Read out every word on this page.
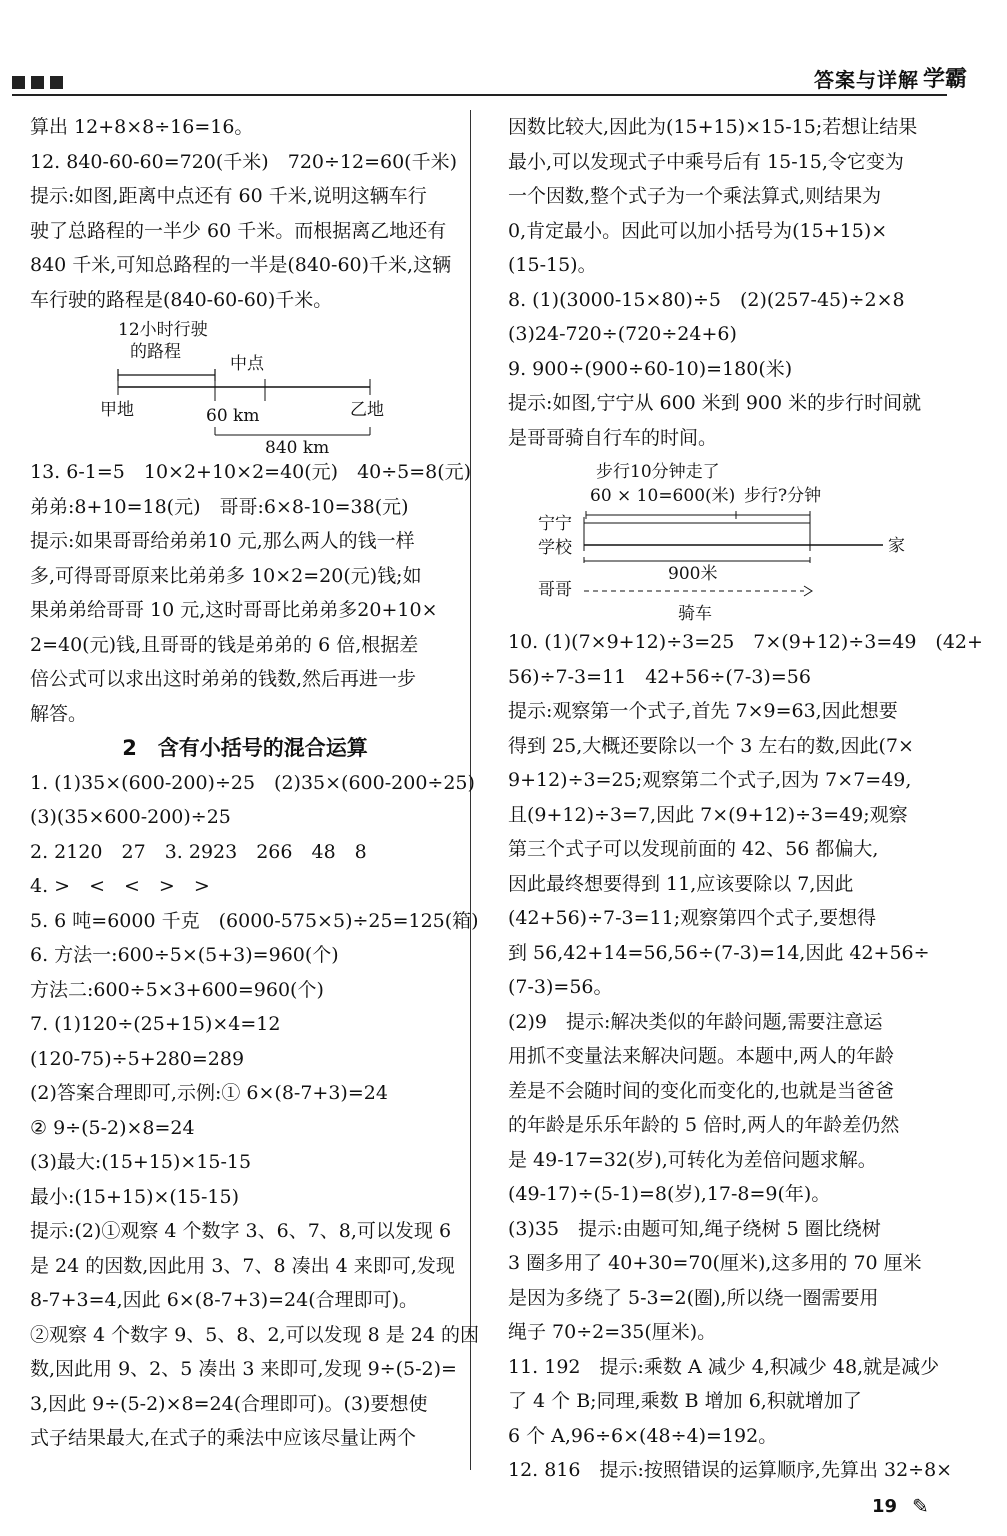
答案与详解 学霸
算出 12+8×8÷16=16。
12. 840-60-60=720(千米)　720÷12=60(千米)
提示:如图,距离中点还有 60 千米,说明这辆车行
驶了总路程的一半少 60 千米。而根据离乙地还有
840 千米,可知总路程的一半是(840-60)千米,这辆
车行驶的路程是(840-60-60)千米。
12小时行驶
的路程
中点
甲地	乙地
60 km
840 km
13. 6-1=5　10×2+10×2=40(元)　40÷5=8(元)
弟弟:8+10=18(元)　哥哥:6×8-10=38(元)
提示:如果哥哥给弟弟10 元,那么两人的钱一样
多,可得哥哥原来比弟弟多 10×2=20(元)钱;如
果弟弟给哥哥 10 元,这时哥哥比弟弟多20+10×
2=40(元)钱,且哥哥的钱是弟弟的 6 倍,根据差
倍公式可以求出这时弟弟的钱数,然后再进一步
解答。
2　含有小括号的混合运算
1. (1)35×(600-200)÷25　(2)35×(600-200÷25)
(3)(35×600-200)÷25
2. 2120　27　3. 2923　266　48　8
4. >　<　<　>　>
5. 6 吨=6000 千克　(6000-575×5)÷25=125(箱)
6. 方法一:600÷5×(5+3)=960(个)
方法二:600÷5×3+600=960(个)
7. (1)120÷(25+15)×4=12
(120-75)÷5+280=289
(2)答案合理即可,示例:① 6×(8-7+3)=24
② 9÷(5-2)×8=24
(3)最大:(15+15)×15-15
最小:(15+15)×(15-15)
提示:(2)①观察 4 个数字 3、6、7、8,可以发现 6
是 24 的因数,因此用 3、7、8 凑出 4 来即可,发现
8-7+3=4,因此 6×(8-7+3)=24(合理即可)。
②观察 4 个数字 9、5、8、2,可以发现 8 是 24 的因
数,因此用 9、2、5 凑出 3 来即可,发现 9÷(5-2)=
3,因此 9÷(5-2)×8=24(合理即可)。(3)要想使
式子结果最大,在式子的乘法中应该尽量让两个
因数比较大,因此为(15+15)×15-15;若想让结果
最小,可以发现式子中乘号后有 15-15,令它变为
一个因数,整个式子为一个乘法算式,则结果为
0,肯定最小。因此可以加小括号为(15+15)×
(15-15)。
8. (1)(3000-15×80)÷5　(2)(257-45)÷2×8
(3)24-720÷(720÷24+6)
9. 900÷(900÷60-10)=180(米)
提示:如图,宁宁从 600 米到 900 米的步行时间就
是哥哥骑自行车的时间。
步行10分钟走了
60 × 10=600(米) 步行?分钟
宁宁
学校	家
900米
哥哥
骑车
10. (1)(7×9+12)÷3=25　7×(9+12)÷3=49　(42+
56)÷7-3=11　42+56÷(7-3)=56
提示:观察第一个式子,首先 7×9=63,因此想要
得到 25,大概还要除以一个 3 左右的数,因此(7×
9+12)÷3=25;观察第二个式子,因为 7×7=49,
且(9+12)÷3=7,因此 7×(9+12)÷3=49;观察
第三个式子可以发现前面的 42、56 都偏大,
因此最终想要得到 11,应该要除以 7,因此
(42+56)÷7-3=11;观察第四个式子,要想得
到 56,42+14=56,56÷(7-3)=14,因此 42+56÷
(7-3)=56。
(2)9　提示:解决类似的年龄问题,需要注意运
用抓不变量法来解决问题。本题中,两人的年龄
差是不会随时间的变化而变化的,也就是当爸爸
的年龄是乐乐年龄的 5 倍时,两人的年龄差仍然
是 49-17=32(岁),可转化为差倍问题求解。
(49-17)÷(5-1)=8(岁),17-8=9(年)。
(3)35　提示:由题可知,绳子绕树 5 圈比绕树
3 圈多用了 40+30=70(厘米),这多用的 70 厘米
是因为多绕了 5-3=2(圈),所以绕一圈需要用
绳子 70÷2=35(厘米)。
11. 192　提示:乘数 A 减少 4,积减少 48,就是减少
了 4 个 B;同理,乘数 B 增加 6,积就增加了
6 个 A,96÷6×(48÷4)=192。
12. 816　提示:按照错误的运算顺序,先算出 32÷8×
19 ✎
